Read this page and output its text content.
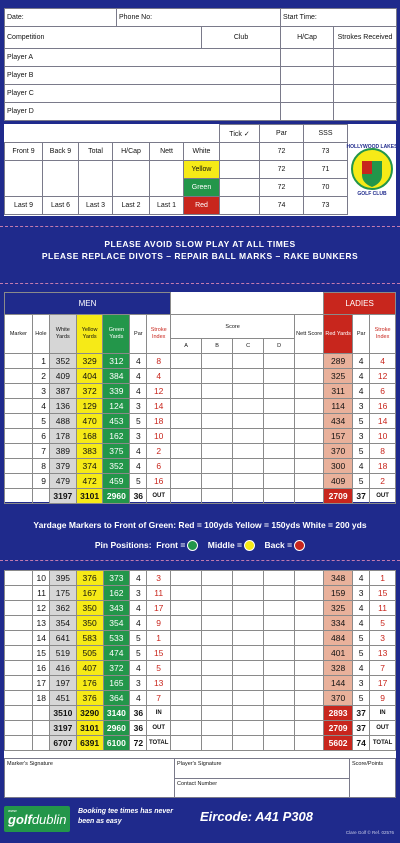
Date:	Phone No:		Start Time:	
Competition		Club	H/Cap	Strokes Received
Player A				
Player B				
Player C				
Player D				
						Tick ✓	Par	SSS	HOLLYWOOD LAKES
GOLF CLUB

Front 9	Back 9	Total	H/Cap	Nett	White		72	73	
					Yellow		72	71	
					Green		72	70	
Last 9	Last 6	Last 3	Last 2	Last 1	Red		74	73	
PLEASE AVOID SLOW PLAY AT ALL TIMES
PLEASE REPLACE DIVOTS – REPAIR BALL MARKS – RAKE BUNKERS
MEN												LADIES		
Marker	Hole	White Yards	Yellow Yards	Green Yards	Par	Stroke Index	Score				Nett Score	Red Yards	Par	Stroke Index
							A	B	C	D				
	1	352	329	312	4	8						289	4	4
	2	409	404	384	4	4						325	4	12
	3	387	372	339	4	12						311	4	6
	4	136	129	124	3	14						114	3	16
	5	488	470	453	5	18						434	5	14
	6	178	168	162	3	10						157	3	10
	7	389	383	375	4	2						370	5	8
	8	379	374	352	4	6						300	4	18
	9	479	472	459	5	16						409	5	2
		3197	3101	2960	36	OUT						2709	37	OUT
Yardage Markers to Front of Green: Red = 100yds Yellow = 150yds White = 200 yds
Pin Positions: Front =	Middle =	Back =
	10	395	376	373	4	3						348	4	1
	11	175	167	162	3	11						159	3	15
	12	362	350	343	4	17						325	4	11
	13	354	350	354	4	9						334	4	5
	14	641	583	533	5	1						484	5	3
	15	519	505	474	5	15						401	5	13
	16	416	407	372	4	5						328	4	7
	17	197	176	165	3	13						144	3	17
	18	451	376	364	4	7						370	5	9
		3510	3290	3140	36	IN						2893	37	IN
		3197	3101	2960	36	OUT						2709	37	OUT
		6707	6391	6100	72	TOTAL						5602	74	TOTAL
Marker's Signature	Player's Signature	Score/Points
Contact Number
www
golfdublin
Booking tee times has never been as easy	Eircode: A41 P308
Clare Golf © Ref. 02576
